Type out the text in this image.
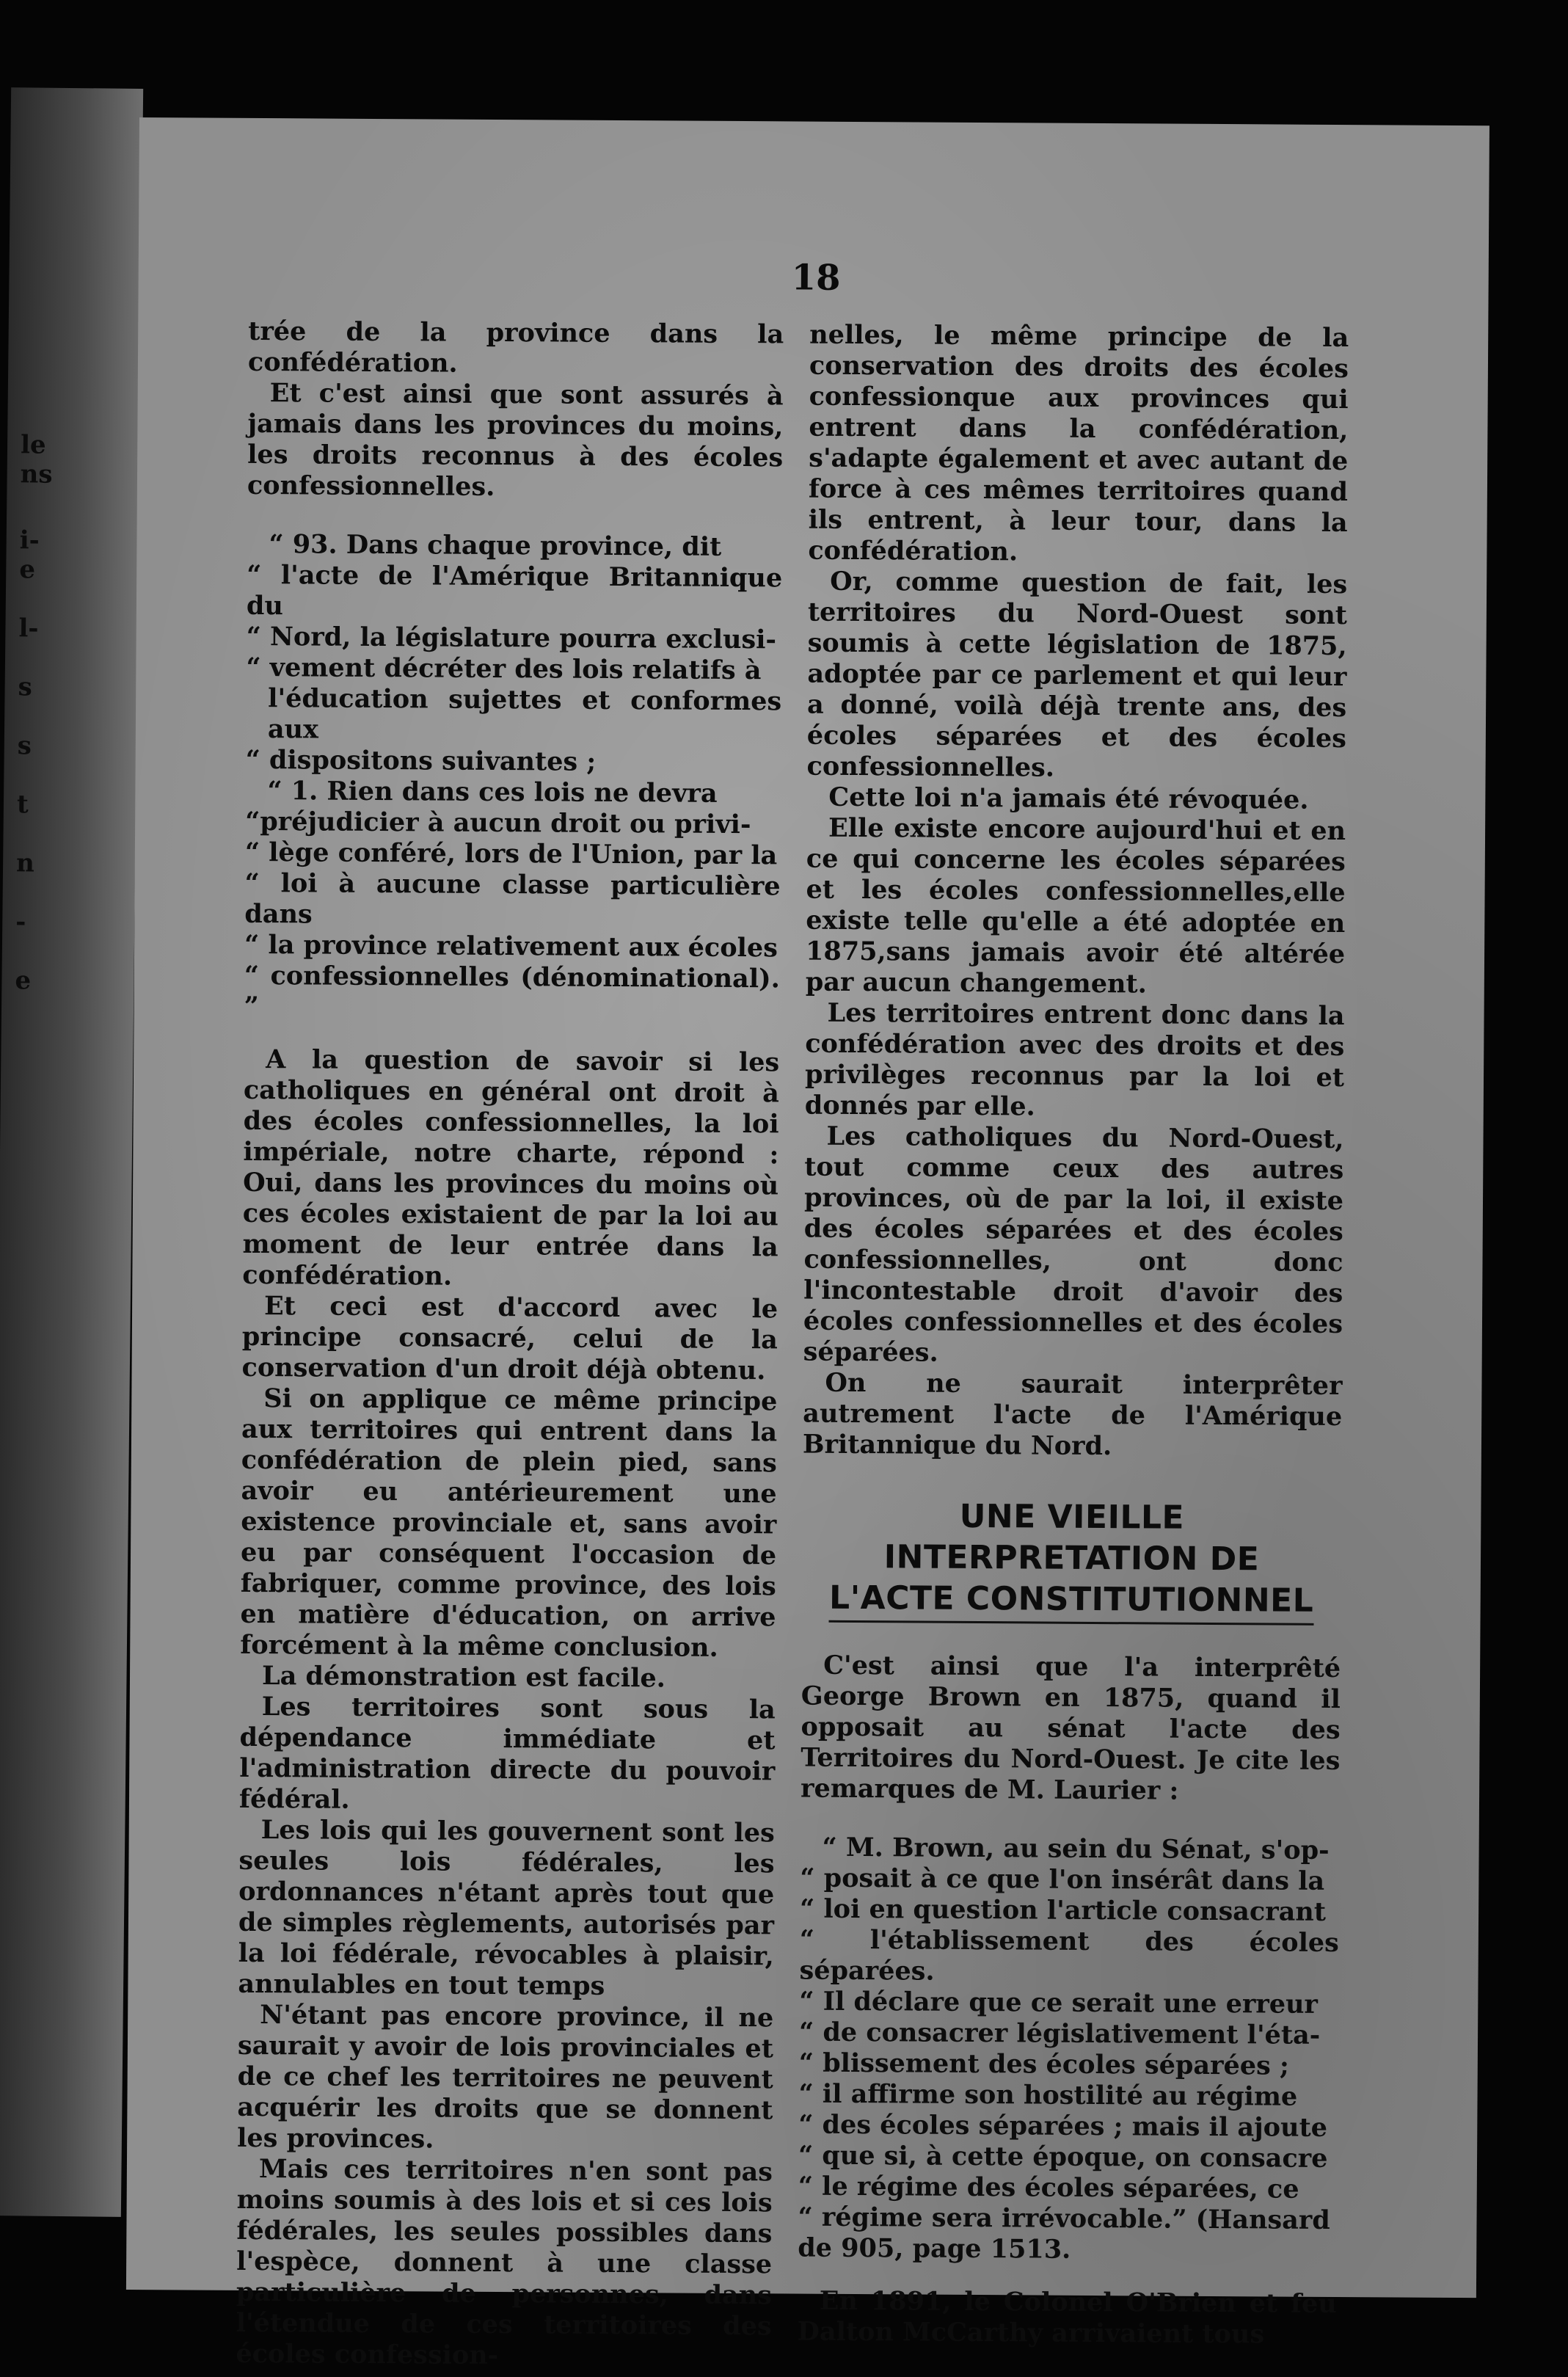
le
ns
i-
e
l-
s
s
t
n
-
e
18

trée de la province dans la confédération.

Et c'est ainsi que sont assurés à jamais dans les provinces du moins, les droits reconnus à des écoles confessionnelles.

“ 93. Dans chaque province, dit
“ l'acte de l'Amérique Britannique du
“ Nord, la législature pourra exclusi-
“ vement décréter des lois relatifs à
l'éducation sujettes et conformes aux
“ dispositons suivantes ;
“ 1. Rien dans ces lois ne devra
“préjudicier à aucun droit ou privi-
“ lège conféré, lors de l'Union, par la
“ loi à aucune classe particulière dans
“ la province relativement aux écoles
“ confessionnelles (dénominational). ”

A la question de savoir si les catholiques en général ont droit à des écoles confessionnelles, la loi impériale, notre charte, répond : Oui, dans les provinces du moins où ces écoles existaient de par la loi au moment de leur entrée dans la confédération.

Et ceci est d'accord avec le principe consacré, celui de la conservation d'un droit déjà obtenu.

Si on applique ce même principe aux territoires qui entrent dans la confédération de plein pied, sans avoir eu antérieurement une existence provinciale et, sans avoir eu par conséquent l'occasion de fabriquer, comme province, des lois en matière d'éducation, on arrive forcément à la même conclusion.

La démonstration est facile.

Les territoires sont sous la dépendance immédiate et l'administration directe du pouvoir fédéral.

Les lois qui les gouvernent sont les seules lois fédérales, les ordonnances n'étant après tout que de simples règlements, autorisés par la loi fédérale, révocables à plaisir, annulables en tout temps

N'étant pas encore province, il ne saurait y avoir de lois provinciales et de ce chef les territoires ne peuvent acquérir les droits que se donnent les provinces.

Mais ces territoires n'en sont pas moins soumis à des lois et si ces lois fédérales, les seules possibles dans l'espèce, donnent à une classe particulière de personnes, dans l'étendue de ces territoires des écoles confession-

nelles, le même principe de la conservation des droits des écoles confessionque aux provinces qui entrent dans la confédération, s'adapte également et avec autant de force à ces mêmes territoires quand ils entrent, à leur tour, dans la confédération.

Or, comme question de fait, les territoires du Nord-Ouest sont soumis à cette législation de 1875, adoptée par ce parlement et qui leur a donné, voilà déjà trente ans, des écoles séparées et des écoles confessionnelles.

Cette loi n'a jamais été révoquée.

Elle existe encore aujourd'hui et en ce qui concerne les écoles séparées et les écoles confessionnelles,elle existe telle qu'elle a été adoptée en 1875,sans jamais avoir été altérée par aucun changement.

Les territoires entrent donc dans la confédération avec des droits et des privilèges reconnus par la loi et donnés par elle.

Les catholiques du Nord-Ouest, tout comme ceux des autres provinces, où de par la loi, il existe des écoles séparées et des écoles confessionnelles, ont donc l'incontestable droit d'avoir des écoles confessionnelles et des écoles séparées.

On ne saurait interprêter autrement l'acte de l'Amérique Britannique du Nord.

UNE VIEILLE INTERPRETATION DE
L'ACTE CONSTITUTIONNEL

C'est ainsi que l'a interprêté George Brown en 1875, quand il opposait au sénat l'acte des Territoires du Nord-Ouest. Je cite les remarques de M. Laurier :

“ M. Brown, au sein du Sénat, s'op-
“ posait à ce que l'on insérât dans la
“ loi en question l'article consacrant
“ l'établissement des écoles séparées.
“ Il déclare que ce serait une erreur
“ de consacrer législativement l'éta-
“ blissement des écoles séparées ;
“ il affirme son hostilité au régime
“ des écoles séparées ; mais il ajoute
“ que si, à cette époque, on consacre
“ le régime des écoles séparées, ce
“ régime sera irrévocable.” (Hansard
de 905, page 1513.

En 1891, le Colonel O'Brien et feu Dalton McCarthy arrivaient tous
